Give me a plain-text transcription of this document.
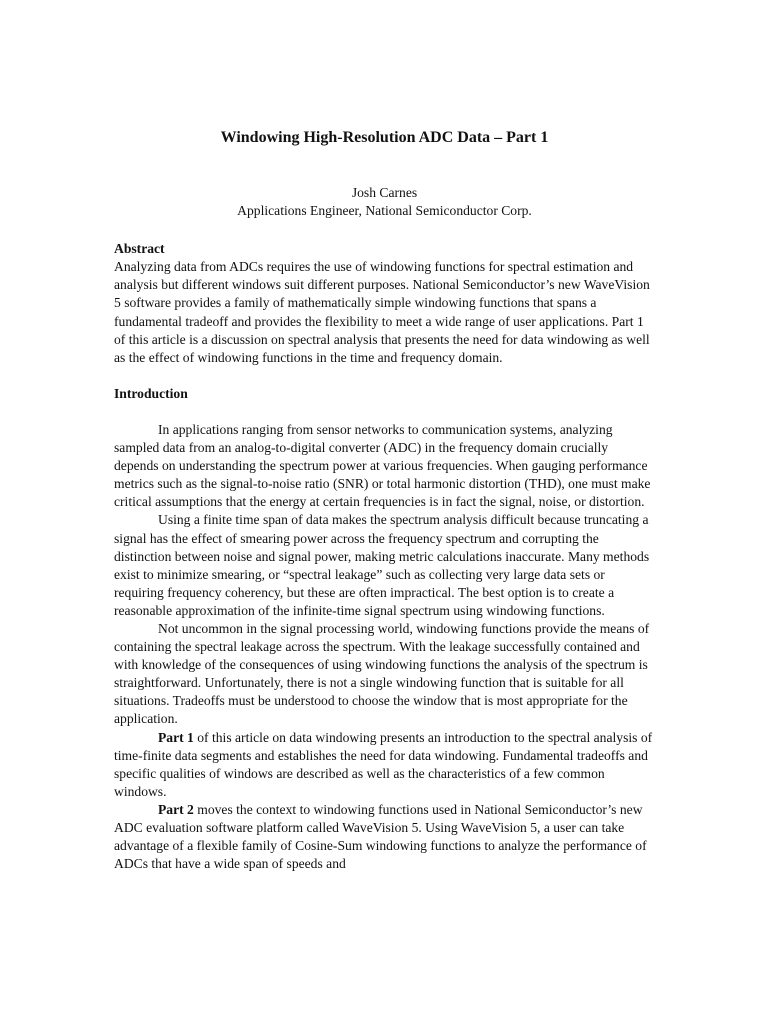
Windowing High-Resolution ADC Data – Part 1
Josh Carnes
Applications Engineer, National Semiconductor Corp.
Abstract

Analyzing data from ADCs requires the use of windowing functions for spectral estimation and analysis but different windows suit different purposes. National Semiconductor’s new WaveVision 5 software provides a family of mathematically simple windowing functions that spans a fundamental tradeoff and provides the flexibility to meet a wide range of user applications. Part 1 of this article is a discussion on spectral analysis that presents the need for data windowing as well as the effect of windowing functions in the time and frequency domain.

Introduction

In applications ranging from sensor networks to communication systems, analyzing sampled data from an analog-to-digital converter (ADC) in the frequency domain crucially depends on understanding the spectrum power at various frequencies. When gauging performance metrics such as the signal-to-noise ratio (SNR) or total harmonic distortion (THD), one must make critical assumptions that the energy at certain frequencies is in fact the signal, noise, or distortion.

Using a finite time span of data makes the spectrum analysis difficult because truncating a signal has the effect of smearing power across the frequency spectrum and corrupting the distinction between noise and signal power, making metric calculations inaccurate. Many methods exist to minimize smearing, or “spectral leakage” such as collecting very large data sets or requiring frequency coherency, but these are often impractical. The best option is to create a reasonable approximation of the infinite-time signal spectrum using windowing functions.

Not uncommon in the signal processing world, windowing functions provide the means of containing the spectral leakage across the spectrum. With the leakage successfully contained and with knowledge of the consequences of using windowing functions the analysis of the spectrum is straightforward. Unfortunately, there is not a single windowing function that is suitable for all situations. Tradeoffs must be understood to choose the window that is most appropriate for the application.

Part 1 of this article on data windowing presents an introduction to the spectral analysis of time-finite data segments and establishes the need for data windowing. Fundamental tradeoffs and specific qualities of windows are described as well as the characteristics of a few common windows.

Part 2 moves the context to windowing functions used in National Semiconductor’s new ADC evaluation software platform called WaveVision 5. Using WaveVision 5, a user can take advantage of a flexible family of Cosine-Sum windowing functions to analyze the performance of ADCs that have a wide span of speeds and
